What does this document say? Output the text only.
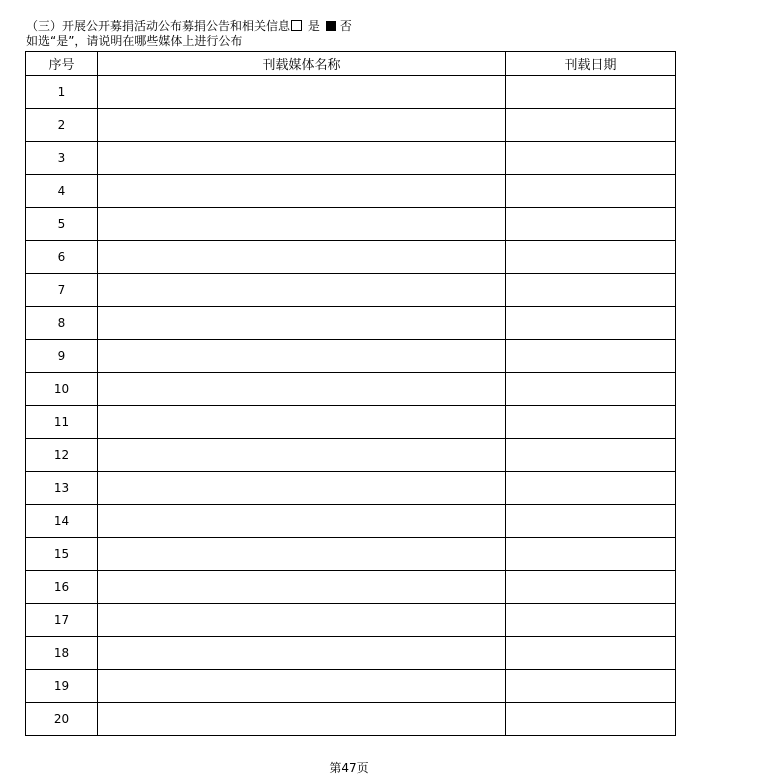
（三）开展公开募捐活动公布募捐公告和相关信息 是 否
如选“是”，请说明在哪些媒体上进行公布
序号	刊载媒体名称	刊载日期
1		
2		
3		
4		
5		
6		
7		
8		
9		
10		
11		
12		
13		
14		
15		
16		
17		
18		
19		
20		
第47页
